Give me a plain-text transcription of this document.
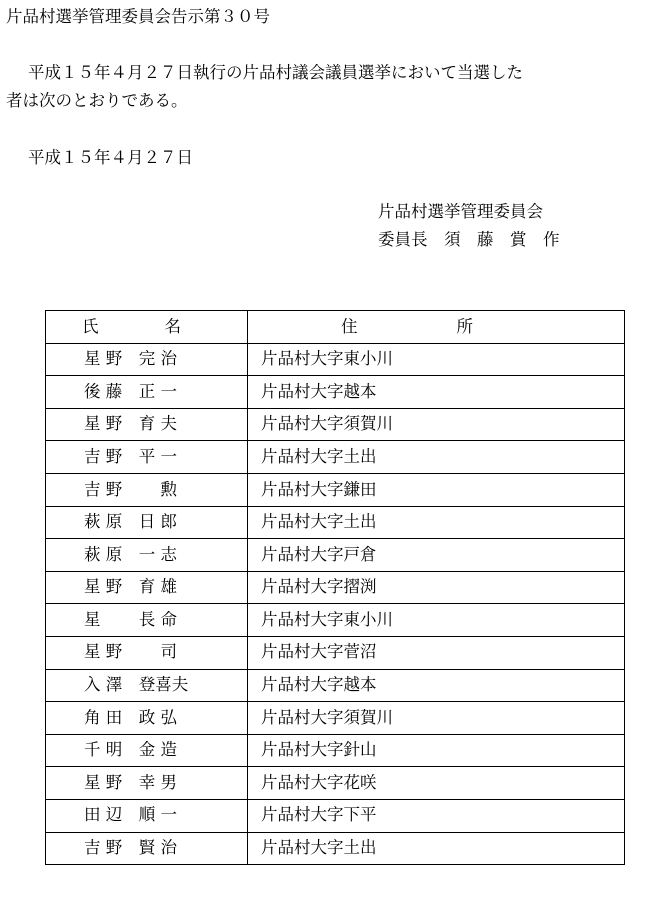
片品村選挙管理委員会告示第３０号
平成１５年４月２７日執行の片品村議会議員選挙において当選した
者は次のとおりである。
平成１５年４月２７日
片品村選挙管理委員会
委員長　須　藤　賞　作
氏　　　　名	住　　　　　　所
星 野　完 治	片品村大字東小川
後 藤　正 一	片品村大字越本
星 野　育 夫	片品村大字須賀川
吉 野　平 一	片品村大字土出
吉 野　　 勲	片品村大字鎌田
萩 原　日 郎	片品村大字土出
萩 原　一 志	片品村大字戸倉
星 野　育 雄	片品村大字摺渕
星　　 長 命	片品村大字東小川
星 野　　 司	片品村大字菅沼
入 澤　登喜夫	片品村大字越本
角 田　政 弘	片品村大字須賀川
千 明　金 造	片品村大字針山
星 野　幸 男	片品村大字花咲
田 辺　順 一	片品村大字下平
吉 野　賢 治	片品村大字土出
